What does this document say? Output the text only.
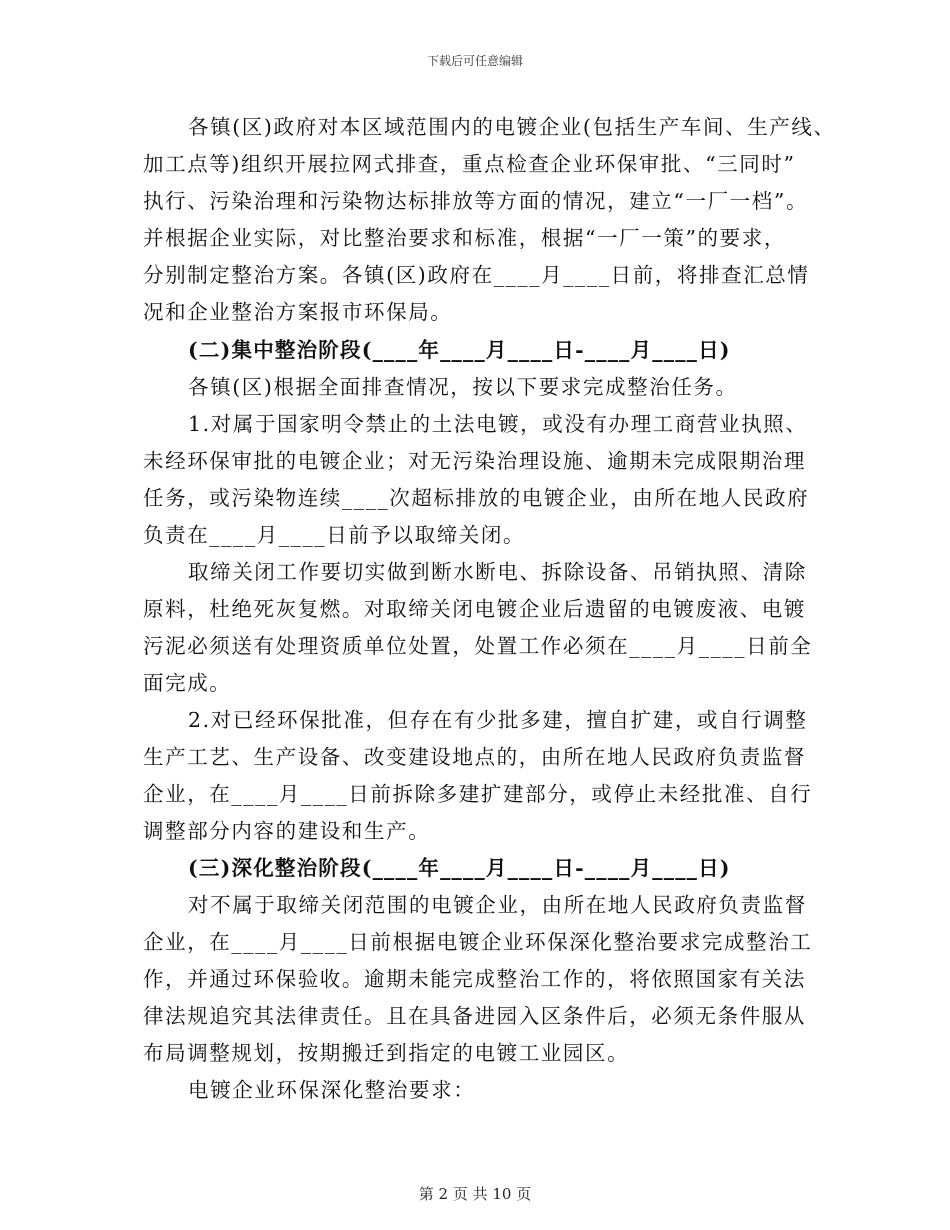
下载后可任意编辑
各镇(区)政府对本区域范围内的电镀企业(包括生产车间、生产线、
加工点等)组织开展拉网式排查，重点检查企业环保审批、“三同时”
执行、污染治理和污染物达标排放等方面的情况，建立“一厂一档”。
并根据企业实际，对比整治要求和标准，根据“一厂一策”的要求，
分别制定整治方案。各镇(区)政府在____月____日前，将排查汇总情
况和企业整治方案报市环保局。
(二)集中整治阶段(____年____月____日-____月____日)
各镇(区)根据全面排查情况，按以下要求完成整治任务。
1.对属于国家明令禁止的土法电镀，或没有办理工商营业执照、
未经环保审批的电镀企业；对无污染治理设施、逾期未完成限期治理
任务，或污染物连续____次超标排放的电镀企业，由所在地人民政府
负责在____月____日前予以取缔关闭。
取缔关闭工作要切实做到断水断电、拆除设备、吊销执照、清除
原料，杜绝死灰复燃。对取缔关闭电镀企业后遗留的电镀废液、电镀
污泥必须送有处理资质单位处置，处置工作必须在____月____日前全
面完成。
2.对已经环保批准，但存在有少批多建，擅自扩建，或自行调整
生产工艺、生产设备、改变建设地点的，由所在地人民政府负责监督
企业，在____月____日前拆除多建扩建部分，或停止未经批准、自行
调整部分内容的建设和生产。
(三)深化整治阶段(____年____月____日-____月____日)
对不属于取缔关闭范围的电镀企业，由所在地人民政府负责监督
企业，在____月____日前根据电镀企业环保深化整治要求完成整治工
作，并通过环保验收。逾期未能完成整治工作的，将依照国家有关法
律法规追究其法律责任。且在具备进园入区条件后，必须无条件服从
布局调整规划，按期搬迁到指定的电镀工业园区。
电镀企业环保深化整治要求：
第 2 页 共 10 页
